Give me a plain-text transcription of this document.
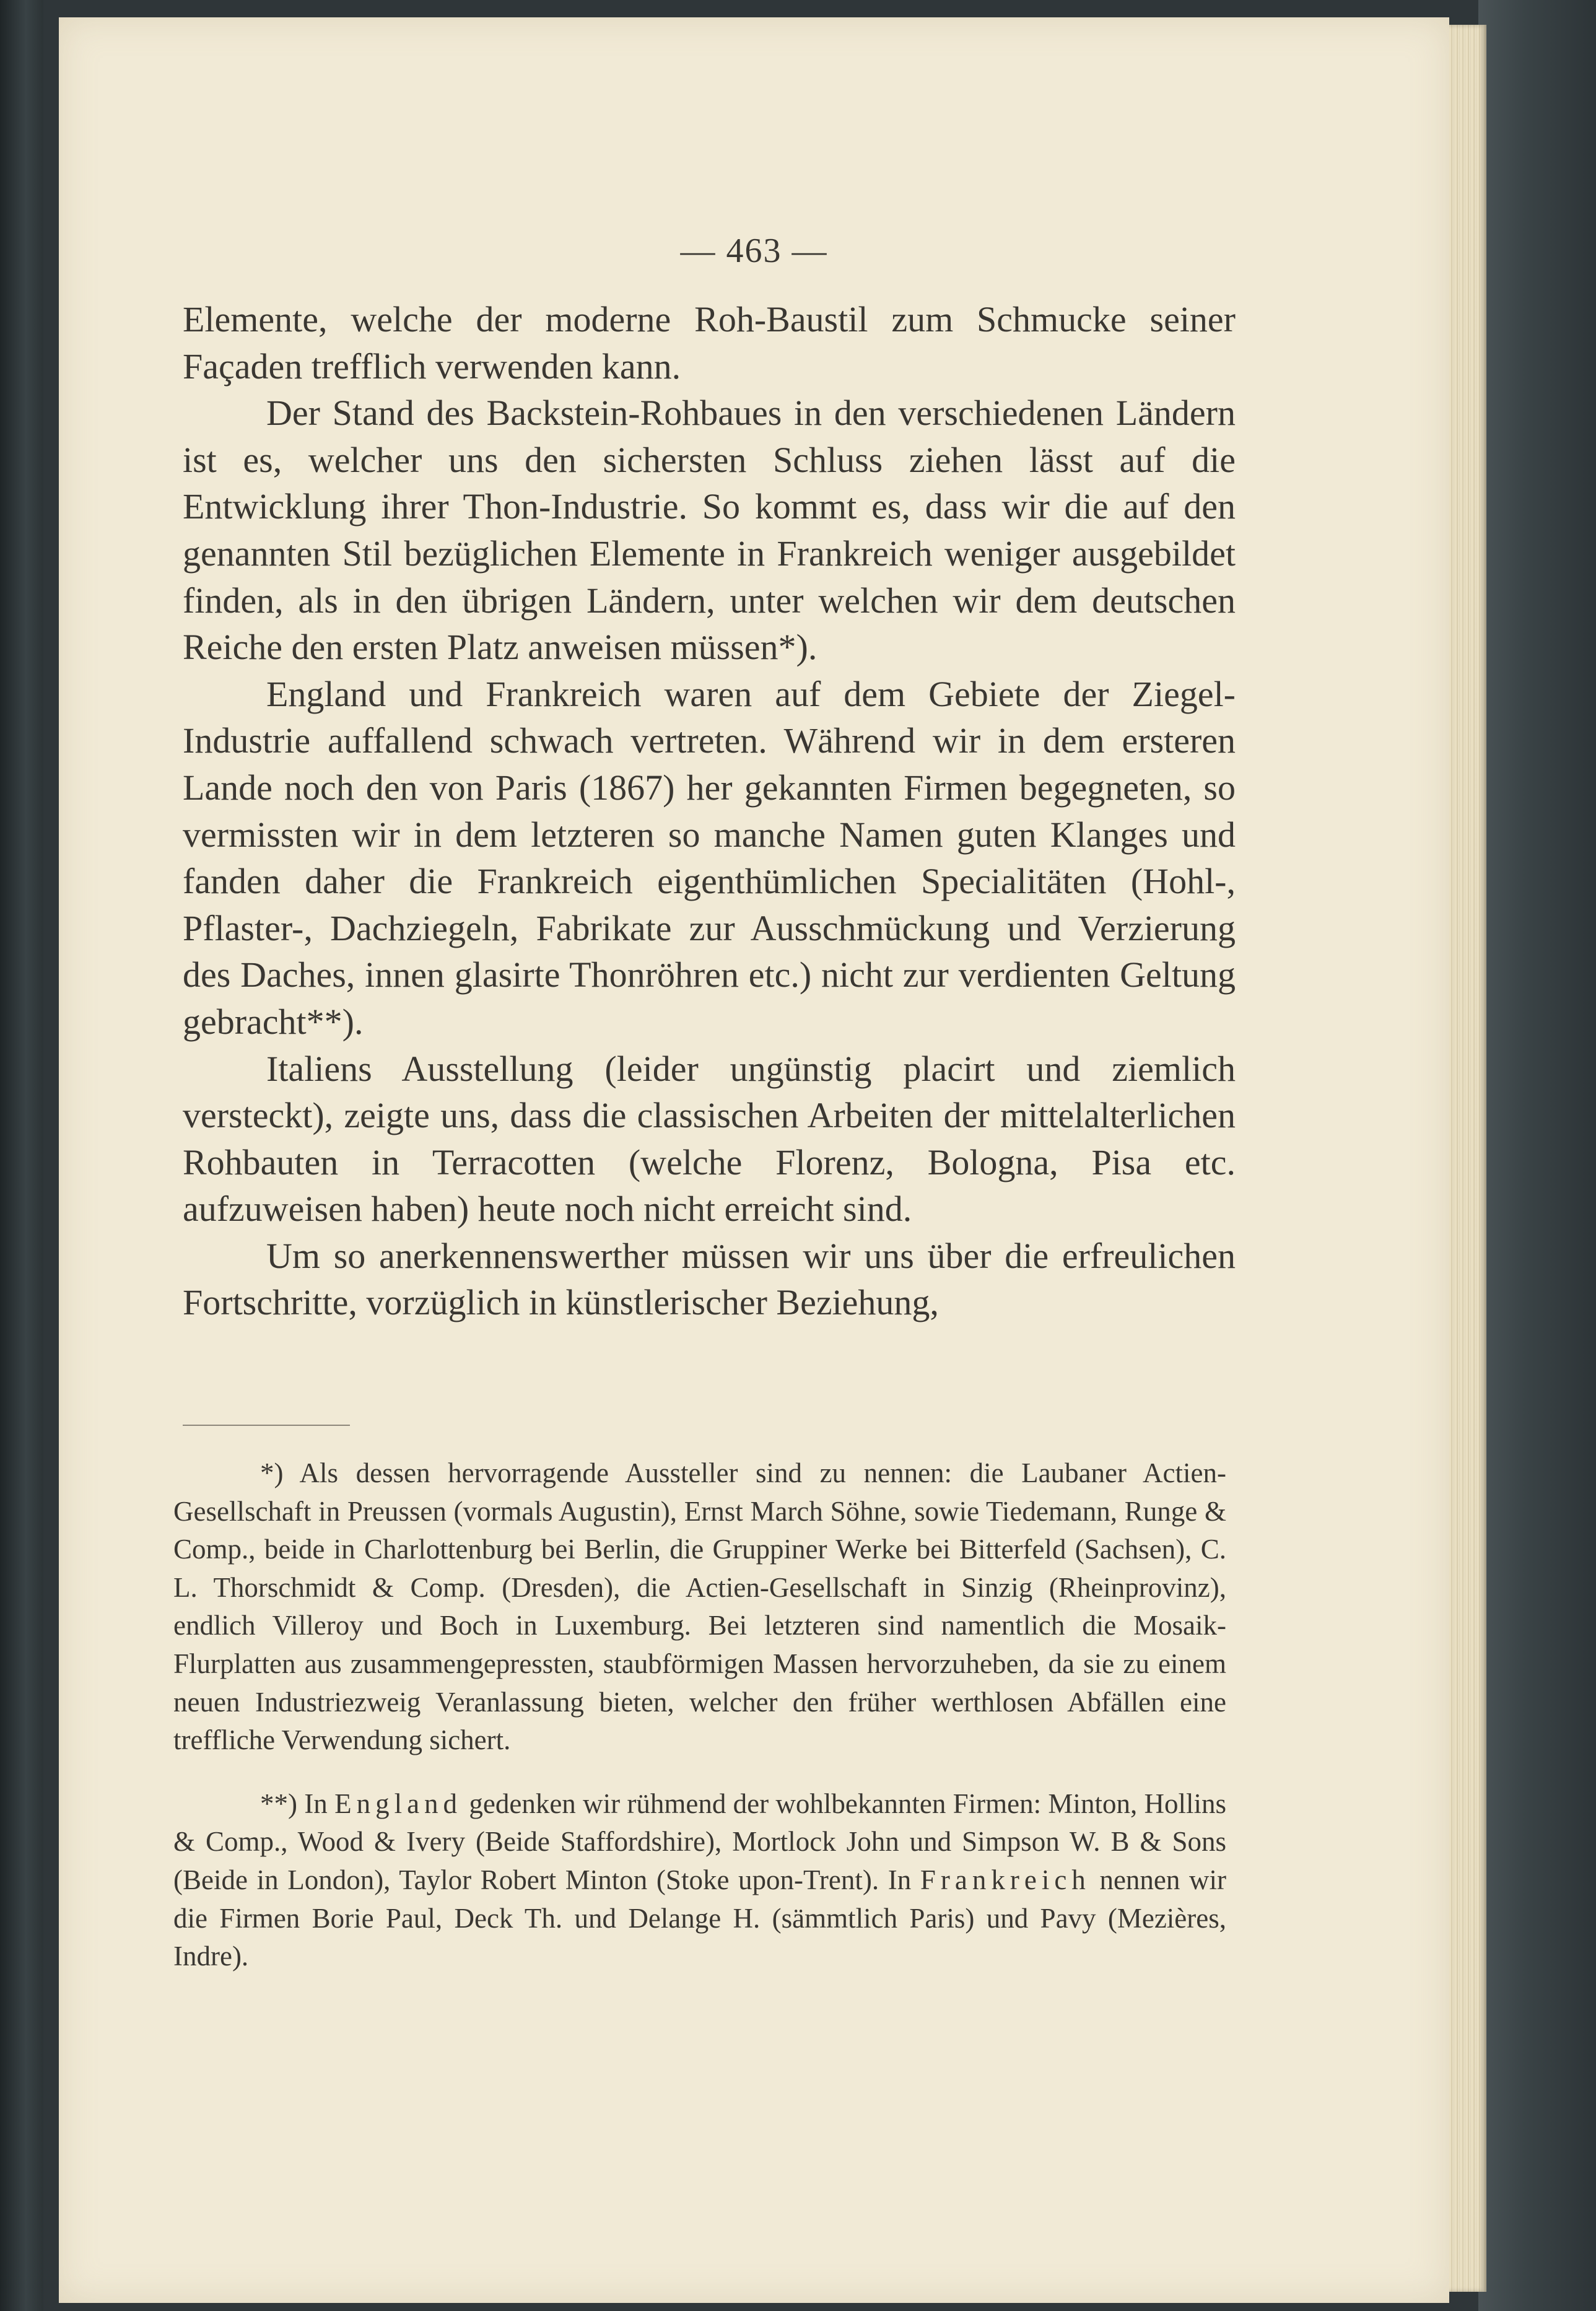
— 463 —

Elemente, welche der moderne Roh-Baustil zum Schmucke seiner Façaden trefflich verwenden kann.

Der Stand des Backstein-Rohbaues in den verschiedenen Ländern ist es, welcher uns den sichersten Schluss ziehen lässt auf die Entwicklung ihrer Thon-Industrie. So kommt es, dass wir die auf den genannten Stil bezüglichen Elemente in Frankreich weniger ausgebildet finden, als in den übrigen Ländern, unter welchen wir dem deutschen Reiche den ersten Platz anweisen müssen*).

England und Frankreich waren auf dem Gebiete der Ziegel-Industrie auffallend schwach vertreten. Während wir in dem ersteren Lande noch den von Paris (1867) her gekannten Firmen begegneten, so vermissten wir in dem letzteren so manche Namen guten Klanges und fanden daher die Frankreich eigenthümlichen Specialitäten (Hohl-, Pflaster-, Dachziegeln, Fabrikate zur Ausschmückung und Verzierung des Daches, innen glasirte Thonröhren etc.) nicht zur verdienten Geltung gebracht**).

Italiens Ausstellung (leider ungünstig placirt und ziemlich versteckt), zeigte uns, dass die classischen Arbeiten der mittelalterlichen Rohbauten in Terracotten (welche Florenz, Bologna, Pisa etc. aufzuweisen haben) heute noch nicht erreicht sind.

Um so anerkennenswerther müssen wir uns über die erfreulichen Fortschritte, vorzüglich in künstlerischer Beziehung,

*) Als dessen hervorragende Aussteller sind zu nennen: die Laubaner Actien-Gesellschaft in Preussen (vormals Augustin), Ernst March Söhne, sowie Tiedemann, Runge & Comp., beide in Charlottenburg bei Berlin, die Gruppiner Werke bei Bitterfeld (Sachsen), C. L. Thorschmidt & Comp. (Dresden), die Actien-Gesellschaft in Sinzig (Rheinprovinz), endlich Villeroy und Boch in Luxemburg. Bei letzteren sind namentlich die Mosaik-Flurplatten aus zusammengepressten, staubförmigen Massen hervorzuheben, da sie zu einem neuen Industriezweig Veranlassung bieten, welcher den früher werthlosen Abfällen eine treffliche Verwendung sichert.

**) In England gedenken wir rühmend der wohlbekannten Firmen: Minton, Hollins & Comp., Wood & Ivery (Beide Staffordshire), Mortlock John und Simpson W. B & Sons (Beide in London), Taylor Robert Minton (Stoke upon-Trent). In Frankreich nennen wir die Firmen Borie Paul, Deck Th. und Delange H. (sämmtlich Paris) und Pavy (Mezières, Indre).
